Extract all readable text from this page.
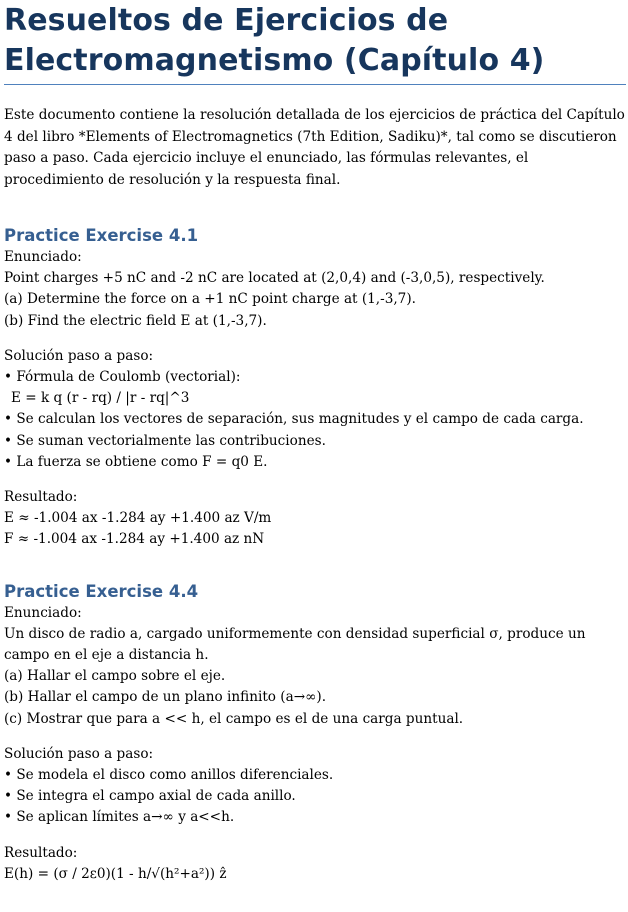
Resueltos de Ejercicios de
Electromagnetismo (Capítulo 4)
Este documento contiene la resolución detallada de los ejercicios de práctica del Capítulo 4 del libro *Elements of Electromagnetics (7th Edition, Sadiku)*, tal como se discutieron paso a paso. Cada ejercicio incluye el enunciado, las fórmulas relevantes, el procedimiento de resolución y la respuesta final.
Practice Exercise 4.1
Enunciado:
Point charges +5 nC and -2 nC are located at (2,0,4) and (-3,0,5), respectively.
(a) Determine the force on a +1 nC point charge at (1,-3,7).
(b) Find the electric field E at (1,-3,7).
Solución paso a paso:
• Fórmula de Coulomb (vectorial):
E = k q (r - rq) / |r - rq|^3
• Se calculan los vectores de separación, sus magnitudes y el campo de cada carga.
• Se suman vectorialmente las contribuciones.
• La fuerza se obtiene como F = q0 E.
Resultado:
E ≈ -1.004 ax -1.284 ay +1.400 az V/m
F ≈ -1.004 ax -1.284 ay +1.400 az nN
Practice Exercise 4.4
Enunciado:
Un disco de radio a, cargado uniformemente con densidad superficial σ, produce un campo en el eje a distancia h.
(a) Hallar el campo sobre el eje.
(b) Hallar el campo de un plano infinito (a→∞).
(c) Mostrar que para a << h, el campo es el de una carga puntual.
Solución paso a paso:
• Se modela el disco como anillos diferenciales.
• Se integra el campo axial de cada anillo.
• Se aplican límites a→∞ y a<<h.
Resultado:
E(h) = (σ / 2ε0)(1 - h/√(h²+a²)) ẑ
